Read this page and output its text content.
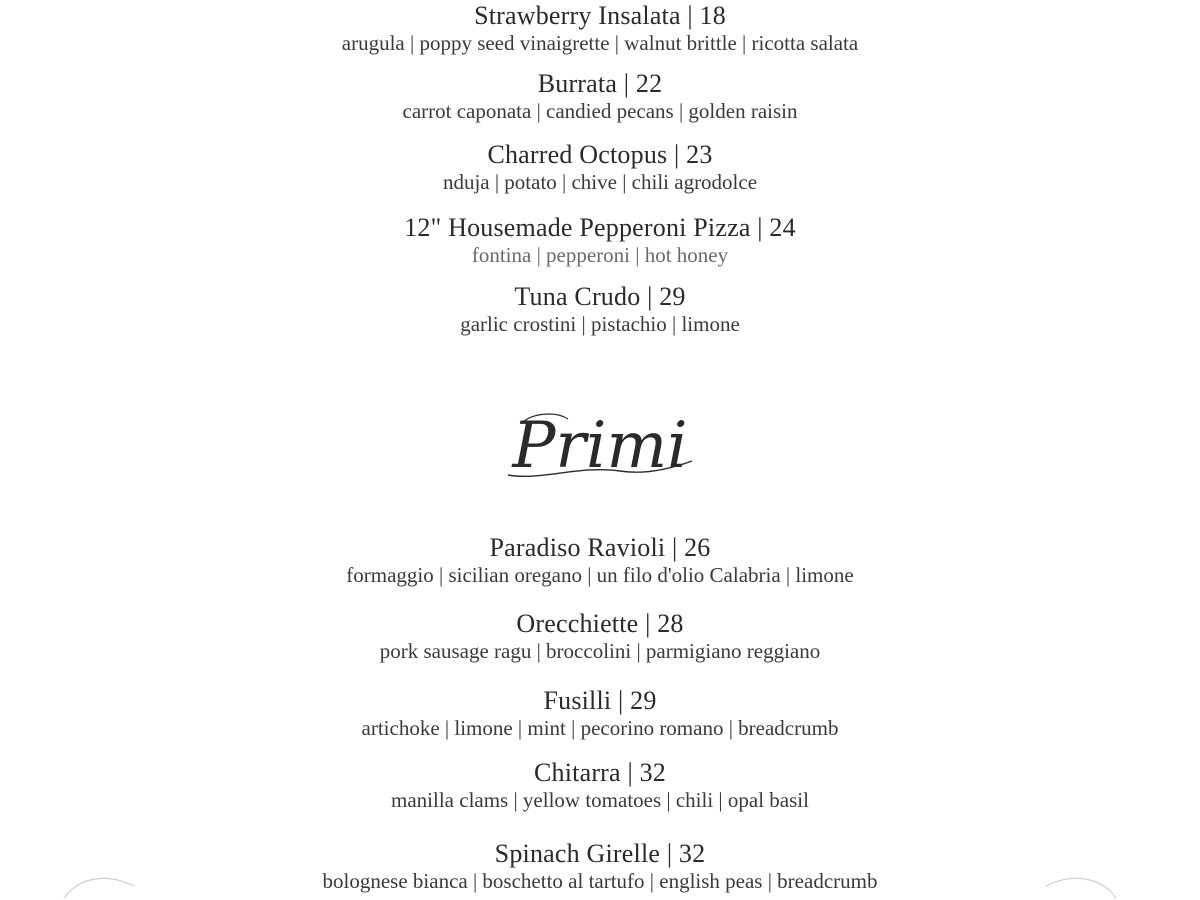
Strawberry Insalata | 18
arugula | poppy seed vinaigrette | walnut brittle | ricotta salata
Burrata | 22
carrot caponata | candied pecans | golden raisin
Charred Octopus | 23
nduja | potato | chive | chili agrodolce
12" Housemade Pepperoni Pizza | 24
fontina | pepperoni | hot honey
Tuna Crudo | 29
garlic crostini | pistachio | limone
Primi
Paradiso Ravioli | 26
formaggio | sicilian oregano | un filo d'olio Calabria | limone
Orecchiette | 28
pork sausage ragu | broccolini | parmigiano reggiano
Fusilli | 29
artichoke | limone | mint | pecorino romano | breadcrumb
Chitarra | 32
manilla clams | yellow tomatoes | chili | opal basil
Spinach Girelle | 32
bolognese bianca | boschetto al tartufo | english peas | breadcrumb
